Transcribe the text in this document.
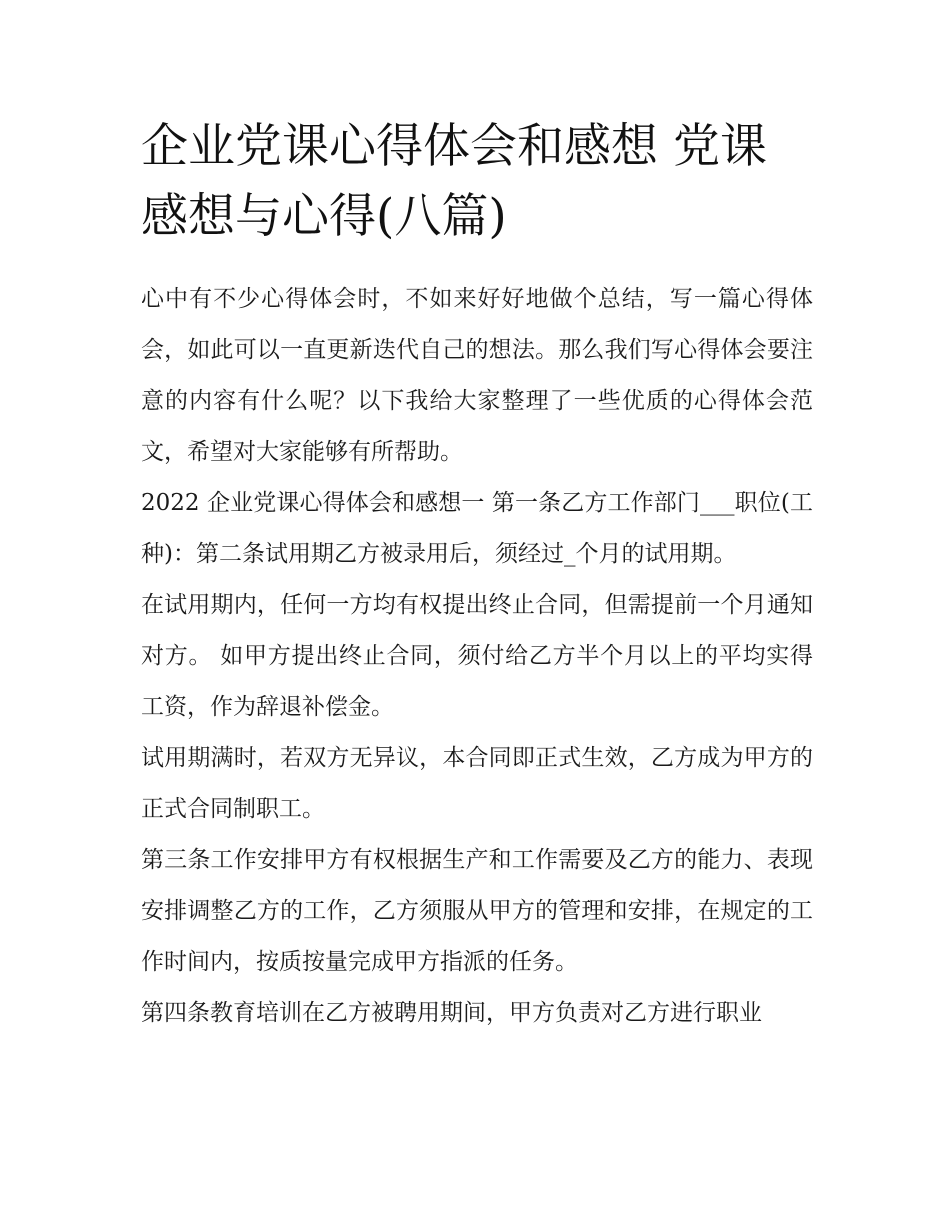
企业党课心得体会和感想 党课感想与心得(八篇)

心中有不少心得体会时，不如来好好地做个总结，写一篇心得体会，如此可以一直更新迭代自己的想法。那么我们写心得体会要注意的内容有什么呢？以下我给大家整理了一些优质的心得体会范文，希望对大家能够有所帮助。

2022 企业党课心得体会和感想一 第一条乙方工作部门___职位(工种)：第二条试用期乙方被录用后，须经过_个月的试用期。

在试用期内，任何一方均有权提出终止合同，但需提前一个月通知对方。 如甲方提出终止合同，须付给乙方半个月以上的平均实得工资，作为辞退补偿金。

试用期满时，若双方无异议，本合同即正式生效，乙方成为甲方的正式合同制职工。

第三条工作安排甲方有权根据生产和工作需要及乙方的能力、表现安排调整乙方的工作，乙方须服从甲方的管理和安排，在规定的工作时间内，按质按量完成甲方指派的任务。

第四条教育培训在乙方被聘用期间，甲方负责对乙方进行职业
